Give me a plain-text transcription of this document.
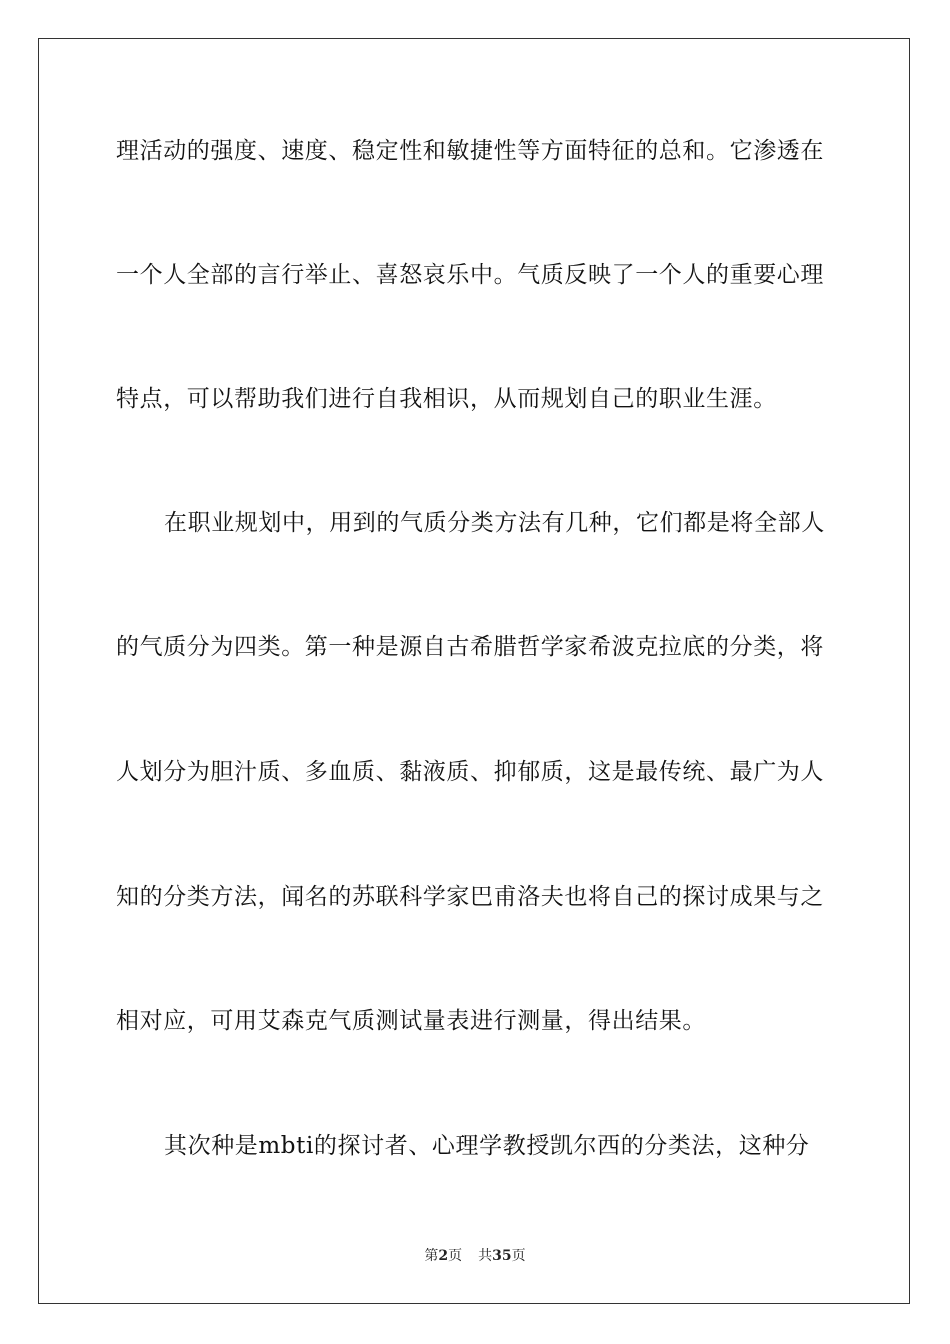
理活动的强度、速度、稳定性和敏捷性等方面特征的总和。它渗透在
一个人全部的言行举止、喜怒哀乐中。气质反映了一个人的重要心理
特点，可以帮助我们进行自我相识，从而规划自己的职业生涯。
在职业规划中，用到的气质分类方法有几种，它们都是将全部人
的气质分为四类。第一种是源自古希腊哲学家希波克拉底的分类，将
人划分为胆汁质、多血质、黏液质、抑郁质，这是最传统、最广为人
知的分类方法，闻名的苏联科学家巴甫洛夫也将自己的探讨成果与之
相对应，可用艾森克气质测试量表进行测量，得出结果。
其次种是mbti的探讨者、心理学教授凯尔西的分类法，这种分
第2页 共35页
